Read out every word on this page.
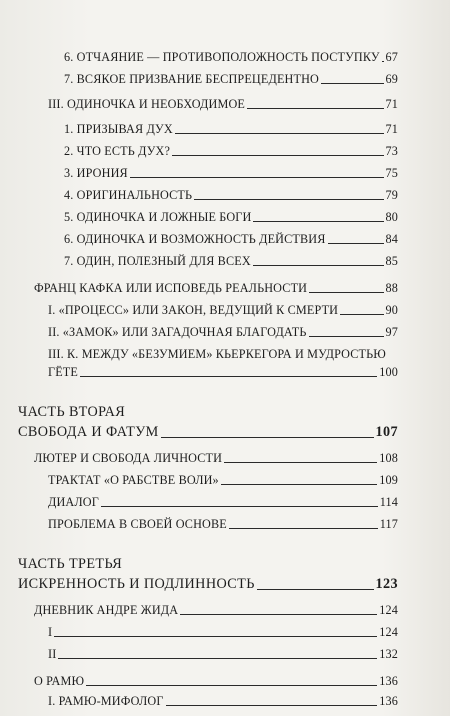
6. ОТЧАЯНИЕ — ПРОТИВОПОЛОЖНОСТЬ ПОСТУПКУ 67
7. ВСЯКОЕ ПРИЗВАНИЕ БЕСПРЕЦЕДЕНТНО	69
III. ОДИНОЧКА И НЕОБХОДИМОЕ	71
1. ПРИЗЫВАЯ ДУХ	71
2. ЧТО ЕСТЬ ДУХ?	73
3. ИРОНИЯ	75
4. ОРИГИНАЛЬНОСТЬ	79
5. ОДИНОЧКА И ЛОЖНЫЕ БОГИ	80
6. ОДИНОЧКА И ВОЗМОЖНОСТЬ ДЕЙСТВИЯ	84
7. ОДИН, ПОЛЕЗНЫЙ ДЛЯ ВСЕХ	85
ФРАНЦ КАФКА ИЛИ ИСПОВЕДЬ РЕАЛЬНОСТИ	88
I. «ПРОЦЕСС» ИЛИ ЗАКОН, ВЕДУЩИЙ К СМЕРТИ	90
II. «ЗАМОК» ИЛИ ЗАГАДОЧНАЯ БЛАГОДАТЬ	97
III. К. МЕЖДУ «БЕЗУМИЕМ» КЬЕРКЕГОРА И МУДРОСТЬЮ
ГЁТЕ	100
ЧАСТЬ ВТОРАЯ
СВОБОДА И ФАТУМ	107
ЛЮТЕР И СВОБОДА ЛИЧНОСТИ	108
ТРАКТАТ «О РАБСТВЕ ВОЛИ»	109
ДИАЛОГ	114
ПРОБЛЕМА В СВОЕЙ ОСНОВЕ	117
ЧАСТЬ ТРЕТЬЯ
ИСКРЕННОСТЬ И ПОДЛИННОСТЬ	123
ДНЕВНИК АНДРЕ ЖИДА	124
I	124
II	132
О РАМЮ	136
I. РАМЮ-МИФОЛОГ	136
